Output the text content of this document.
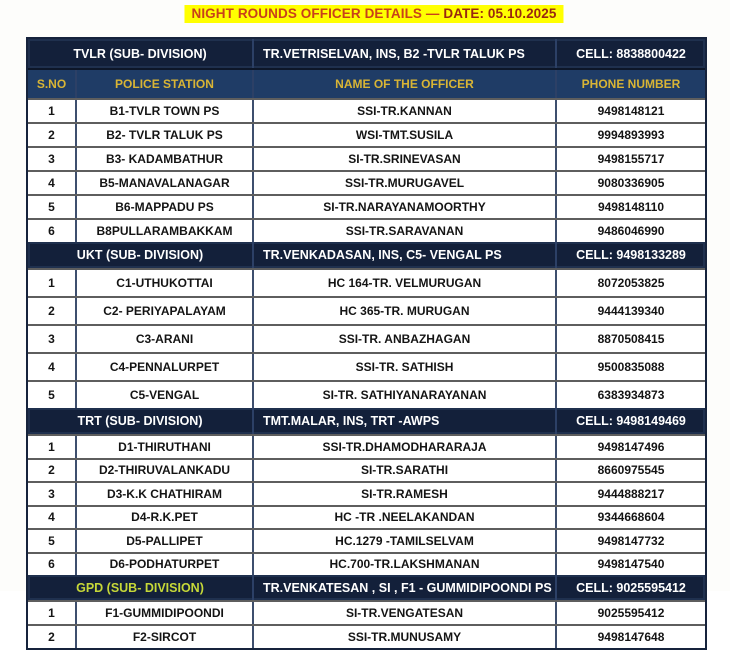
NIGHT ROUNDS OFFICER DETAILS — DATE: 05.10.2025
TVLR (SUB- DIVISION)	TR.VETRISELVAN, INS, B2 -TVLR TALUK PS	CELL: 8838800422
S.NO	POLICE STATION	NAME OF THE OFFICER	PHONE NUMBER
1	B1-TVLR TOWN PS	SSI-TR.KANNAN	9498148121
2	B2- TVLR TALUK PS	WSI-TMT.SUSILA	9994893993
3	B3- KADAMBATHUR	SI-TR.SRINEVASAN	9498155717
4	B5-MANAVALANAGAR	SSI-TR.MURUGAVEL	9080336905
5	B6-MAPPADU PS	SI-TR.NARAYANAMOORTHY	9498148110
6	B8PULLARAMBAKKAM	SSI-TR.SARAVANAN	9486046990
UKT (SUB- DIVISION)	TR.VENKADASAN, INS, C5- VENGAL PS	CELL: 9498133289
1	C1-UTHUKOTTAI	HC 164-TR. VELMURUGAN	8072053825
2	C2- PERIYAPALAYAM	HC 365-TR. MURUGAN	9444139340
3	C3-ARANI	SSI-TR. ANBAZHAGAN	8870508415
4	C4-PENNALURPET	SSI-TR. SATHISH	9500835088
5	C5-VENGAL	SI-TR. SATHIYANARAYANAN	6383934873
TRT (SUB- DIVISION)	TMT.MALAR, INS, TRT -AWPS	CELL: 9498149469
1	D1-THIRUTHANI	SSI-TR.DHAMODHARARAJA	9498147496
2	D2-THIRUVALANKADU	SI-TR.SARATHI	8660975545
3	D3-K.K CHATHIRAM	SI-TR.RAMESH	9444888217
4	D4-R.K.PET	HC -TR .NEELAKANDAN	9344668604
5	D5-PALLIPET	HC.1279 -TAMILSELVAM	9498147732
6	D6-PODHATURPET	HC.700-TR.LAKSHMANAN	9498147540
GPD (SUB- DIVISION)	TR.VENKATESAN , SI , F1 - GUMMIDIPOONDI PS	CELL: 9025595412
1	F1-GUMMIDIPOONDI	SI-TR.VENGATESAN	9025595412
2	F2-SIRCOT	SSI-TR.MUNUSAMY	9498147648
